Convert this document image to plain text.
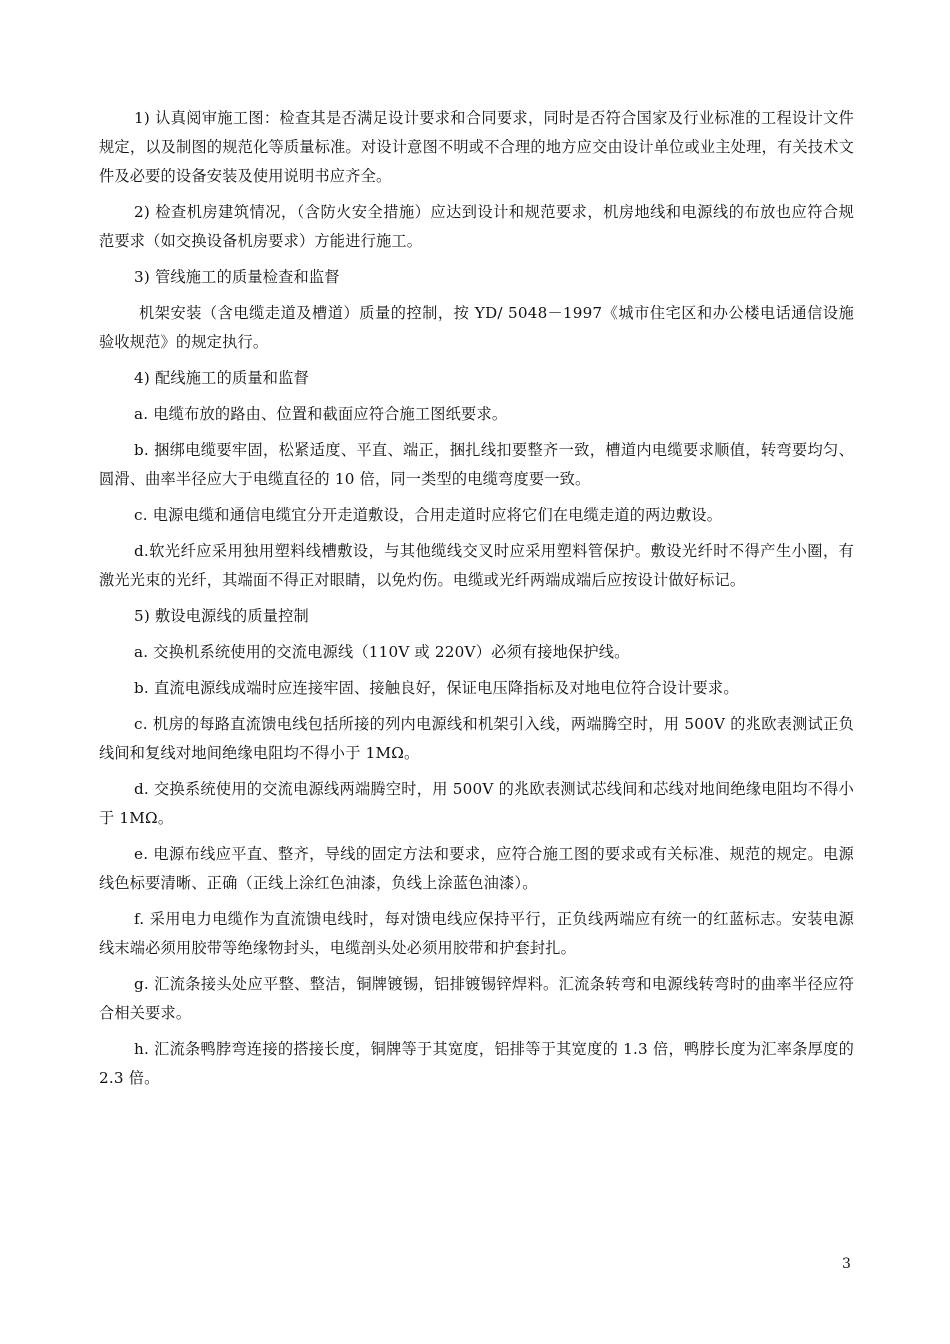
1) 认真阅审施工图：检查其是否满足设计要求和合同要求，同时是否符合国家及行业标准的工程设计文件规定，以及制图的规范化等质量标准。对设计意图不明或不合理的地方应交由设计单位或业主处理，有关技术文件及必要的设备安装及使用说明书应齐全。

2) 检查机房建筑情况，（含防火安全措施）应达到设计和规范要求，机房地线和电源线的布放也应符合规范要求（如交换设备机房要求）方能进行施工。

3) 管线施工的质量检查和监督

机架安装（含电缆走道及槽道）质量的控制，按 YD/ 5048－1997《城市住宅区和办公楼电话通信设施验收规范》的规定执行。

4) 配线施工的质量和监督

a. 电缆布放的路由、位置和截面应符合施工图纸要求。

b. 捆绑电缆要牢固，松紧适度、平直、端正，捆扎线扣要整齐一致，槽道内电缆要求顺值，转弯要均匀、圆滑、曲率半径应大于电缆直径的 10 倍，同一类型的电缆弯度要一致。

c. 电源电缆和通信电缆宜分开走道敷设，合用走道时应将它们在电缆走道的两边敷设。

d.软光纤应采用独用塑料线槽敷设，与其他缆线交叉时应采用塑料管保护。敷设光纤时不得产生小圈，有激光光束的光纤，其端面不得正对眼睛，以免灼伤。电缆或光纤两端成端后应按设计做好标记。

5) 敷设电源线的质量控制

a. 交换机系统使用的交流电源线（110V 或 220V）必须有接地保护线。

b. 直流电源线成端时应连接牢固、接触良好，保证电压降指标及对地电位符合设计要求。

c. 机房的每路直流馈电线包括所接的列内电源线和机架引入线，两端腾空时，用 500V 的兆欧表测试正负线间和复线对地间绝缘电阻均不得小于 1MΩ。

d. 交换系统使用的交流电源线两端腾空时，用 500V 的兆欧表测试芯线间和芯线对地间绝缘电阻均不得小于 1MΩ。

e. 电源布线应平直、整齐，导线的固定方法和要求，应符合施工图的要求或有关标准、规范的规定。电源线色标要清晰、正确（正线上涂红色油漆，负线上涂蓝色油漆）。

f. 采用电力电缆作为直流馈电线时，每对馈电线应保持平行，正负线两端应有统一的红蓝标志。安装电源线末端必须用胶带等绝缘物封头，电缆剖头处必须用胶带和护套封扎。

g. 汇流条接头处应平整、整洁，铜牌镀锡，铝排镀锡锌焊料。汇流条转弯和电源线转弯时的曲率半径应符合相关要求。

h. 汇流条鸭脖弯连接的搭接长度，铜牌等于其宽度，铝排等于其宽度的 1.3 倍，鸭脖长度为汇率条厚度的 2.3 倍。

3
